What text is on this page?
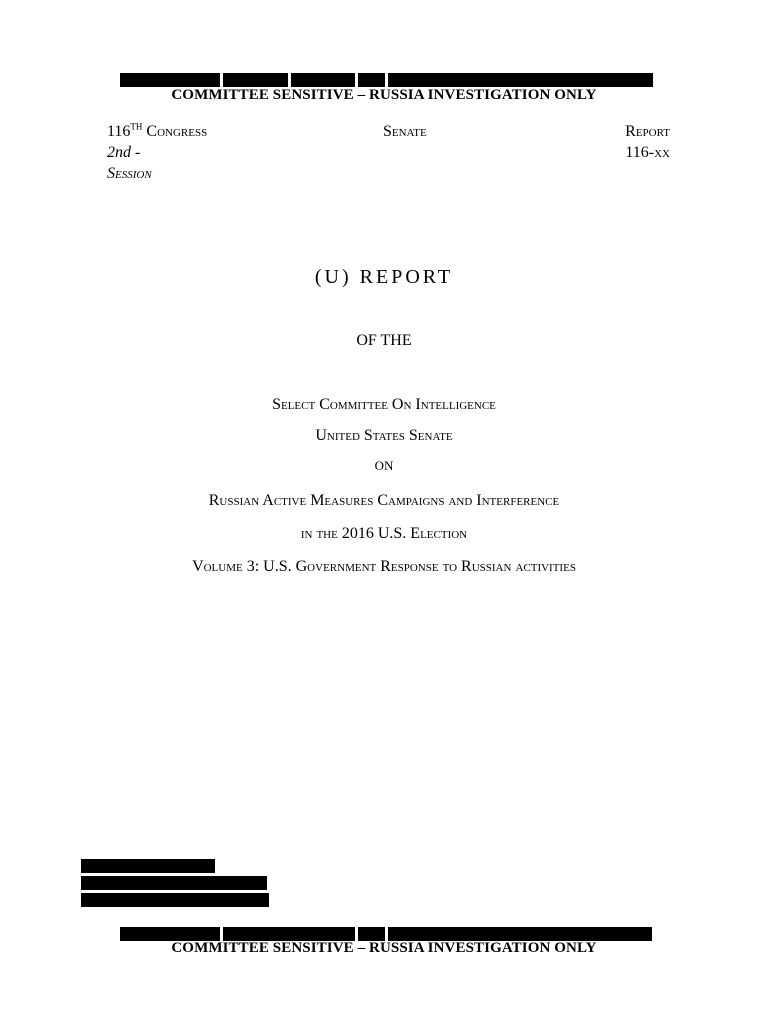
COMMITTEE SENSITIVE – RUSSIA INVESTIGATION ONLY
116TH Congress
2nd -
Session
Senate	Report
116-xx
(U) REPORT
OF THE
Select Committee On Intelligence
United States Senate
ON
Russian Active Measures Campaigns and Interference
in the 2016 U.S. Election
Volume 3: U.S. Government Response to Russian activities
COMMITTEE SENSITIVE – RUSSIA INVESTIGATION ONLY
